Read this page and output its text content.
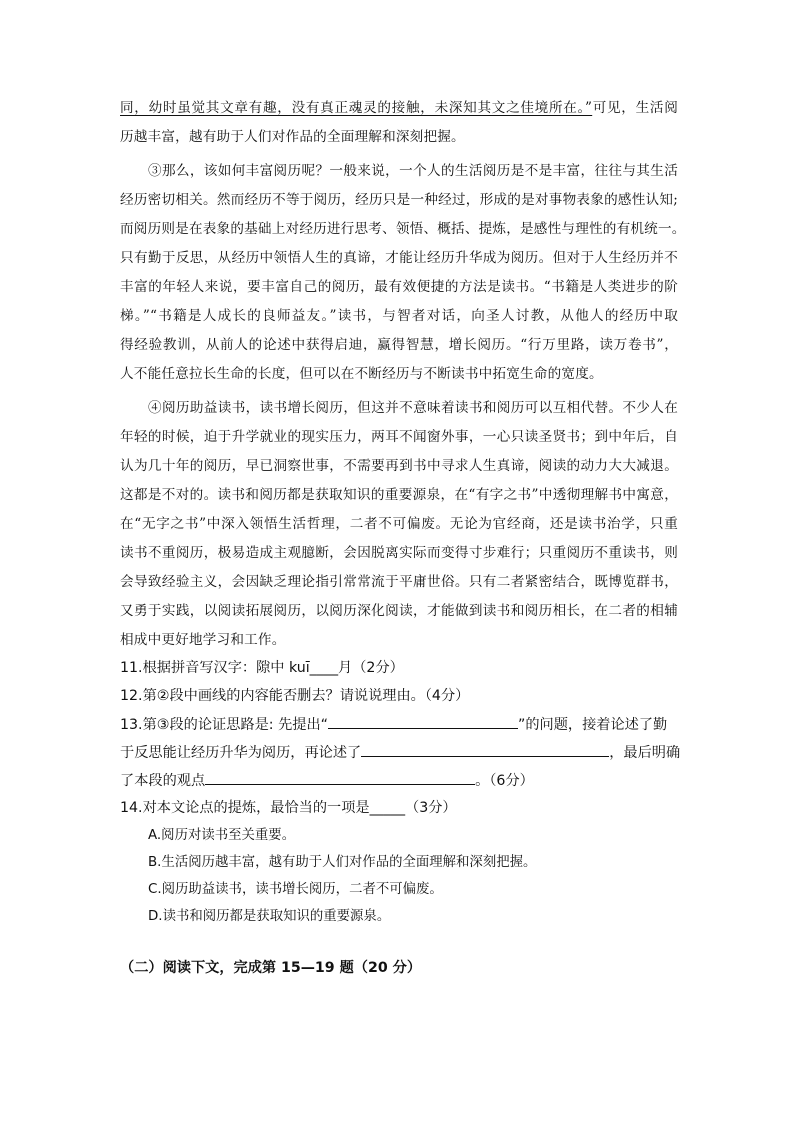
同，幼时虽觉其文章有趣，没有真正魂灵的接触，未深知其文之佳境所在。”可见，生活阅
历越丰富，越有助于人们对作品的全面理解和深刻把握。
③那么，该如何丰富阅历呢？一般来说，一个人的生活阅历是不是丰富，往往与其生活
经历密切相关。然而经历不等于阅历，经历只是一种经过，形成的是对事物表象的感性认知;
而阅历则是在表象的基础上对经历进行思考、领悟、概括、提炼，是感性与理性的有机统一。
只有勤于反思，从经历中领悟人生的真谛，才能让经历升华成为阅历。但对于人生经历并不
丰富的年轻人来说，要丰富自己的阅历，最有效便捷的方法是读书。“书籍是人类进步的阶
梯。”“书籍是人成长的良师益友。”读书，与智者对话，向圣人讨教，从他人的经历中取
得经验教训，从前人的论述中获得启迪，赢得智慧，增长阅历。“行万里路，读万卷书”，
人不能任意拉长生命的长度，但可以在不断经历与不断读书中拓宽生命的宽度。
④阅历助益读书，读书增长阅历，但这并不意味着读书和阅历可以互相代替。不少人在
年轻的时候，迫于升学就业的现实压力，两耳不闻窗外事，一心只读圣贤书；到中年后，自
认为几十年的阅历，早已洞察世事，不需要再到书中寻求人生真谛，阅读的动力大大减退。
这都是不对的。读书和阅历都是获取知识的重要源泉，在“有字之书”中透彻理解书中寓意，
在“无字之书”中深入领悟生活哲理，二者不可偏废。无论为官经商，还是读书治学，只重
读书不重阅历，极易造成主观臆断，会因脱离实际而变得寸步难行；只重阅历不重读书，则
会导致经验主义，会因缺乏理论指引常常流于平庸世俗。只有二者紧密结合，既博览群书，
又勇于实践，以阅读拓展阅历，以阅历深化阅读，才能做到读书和阅历相长，在二者的相辅
相成中更好地学习和工作。
11.根据拼音写汉字：隙中 kuī____月（2分）
12.第②段中画线的内容能否删去？请说说理由。（4分）
13.第③段的论证思路是: 先提出“	”的问题，接着论述了勤
于反思能让经历升华为阅历，再论述了	，最后明确
了本段的观点	。（6分）
14.对本文论点的提炼，最恰当的一项是_____（3分）
A.阅历对读书至关重要。
B.生活阅历越丰富，越有助于人们对作品的全面理解和深刻把握。
C.阅历助益读书，读书增长阅历，二者不可偏废。
D.读书和阅历都是获取知识的重要源泉。
（二）阅读下文，完成第 15—19 题（20 分）
